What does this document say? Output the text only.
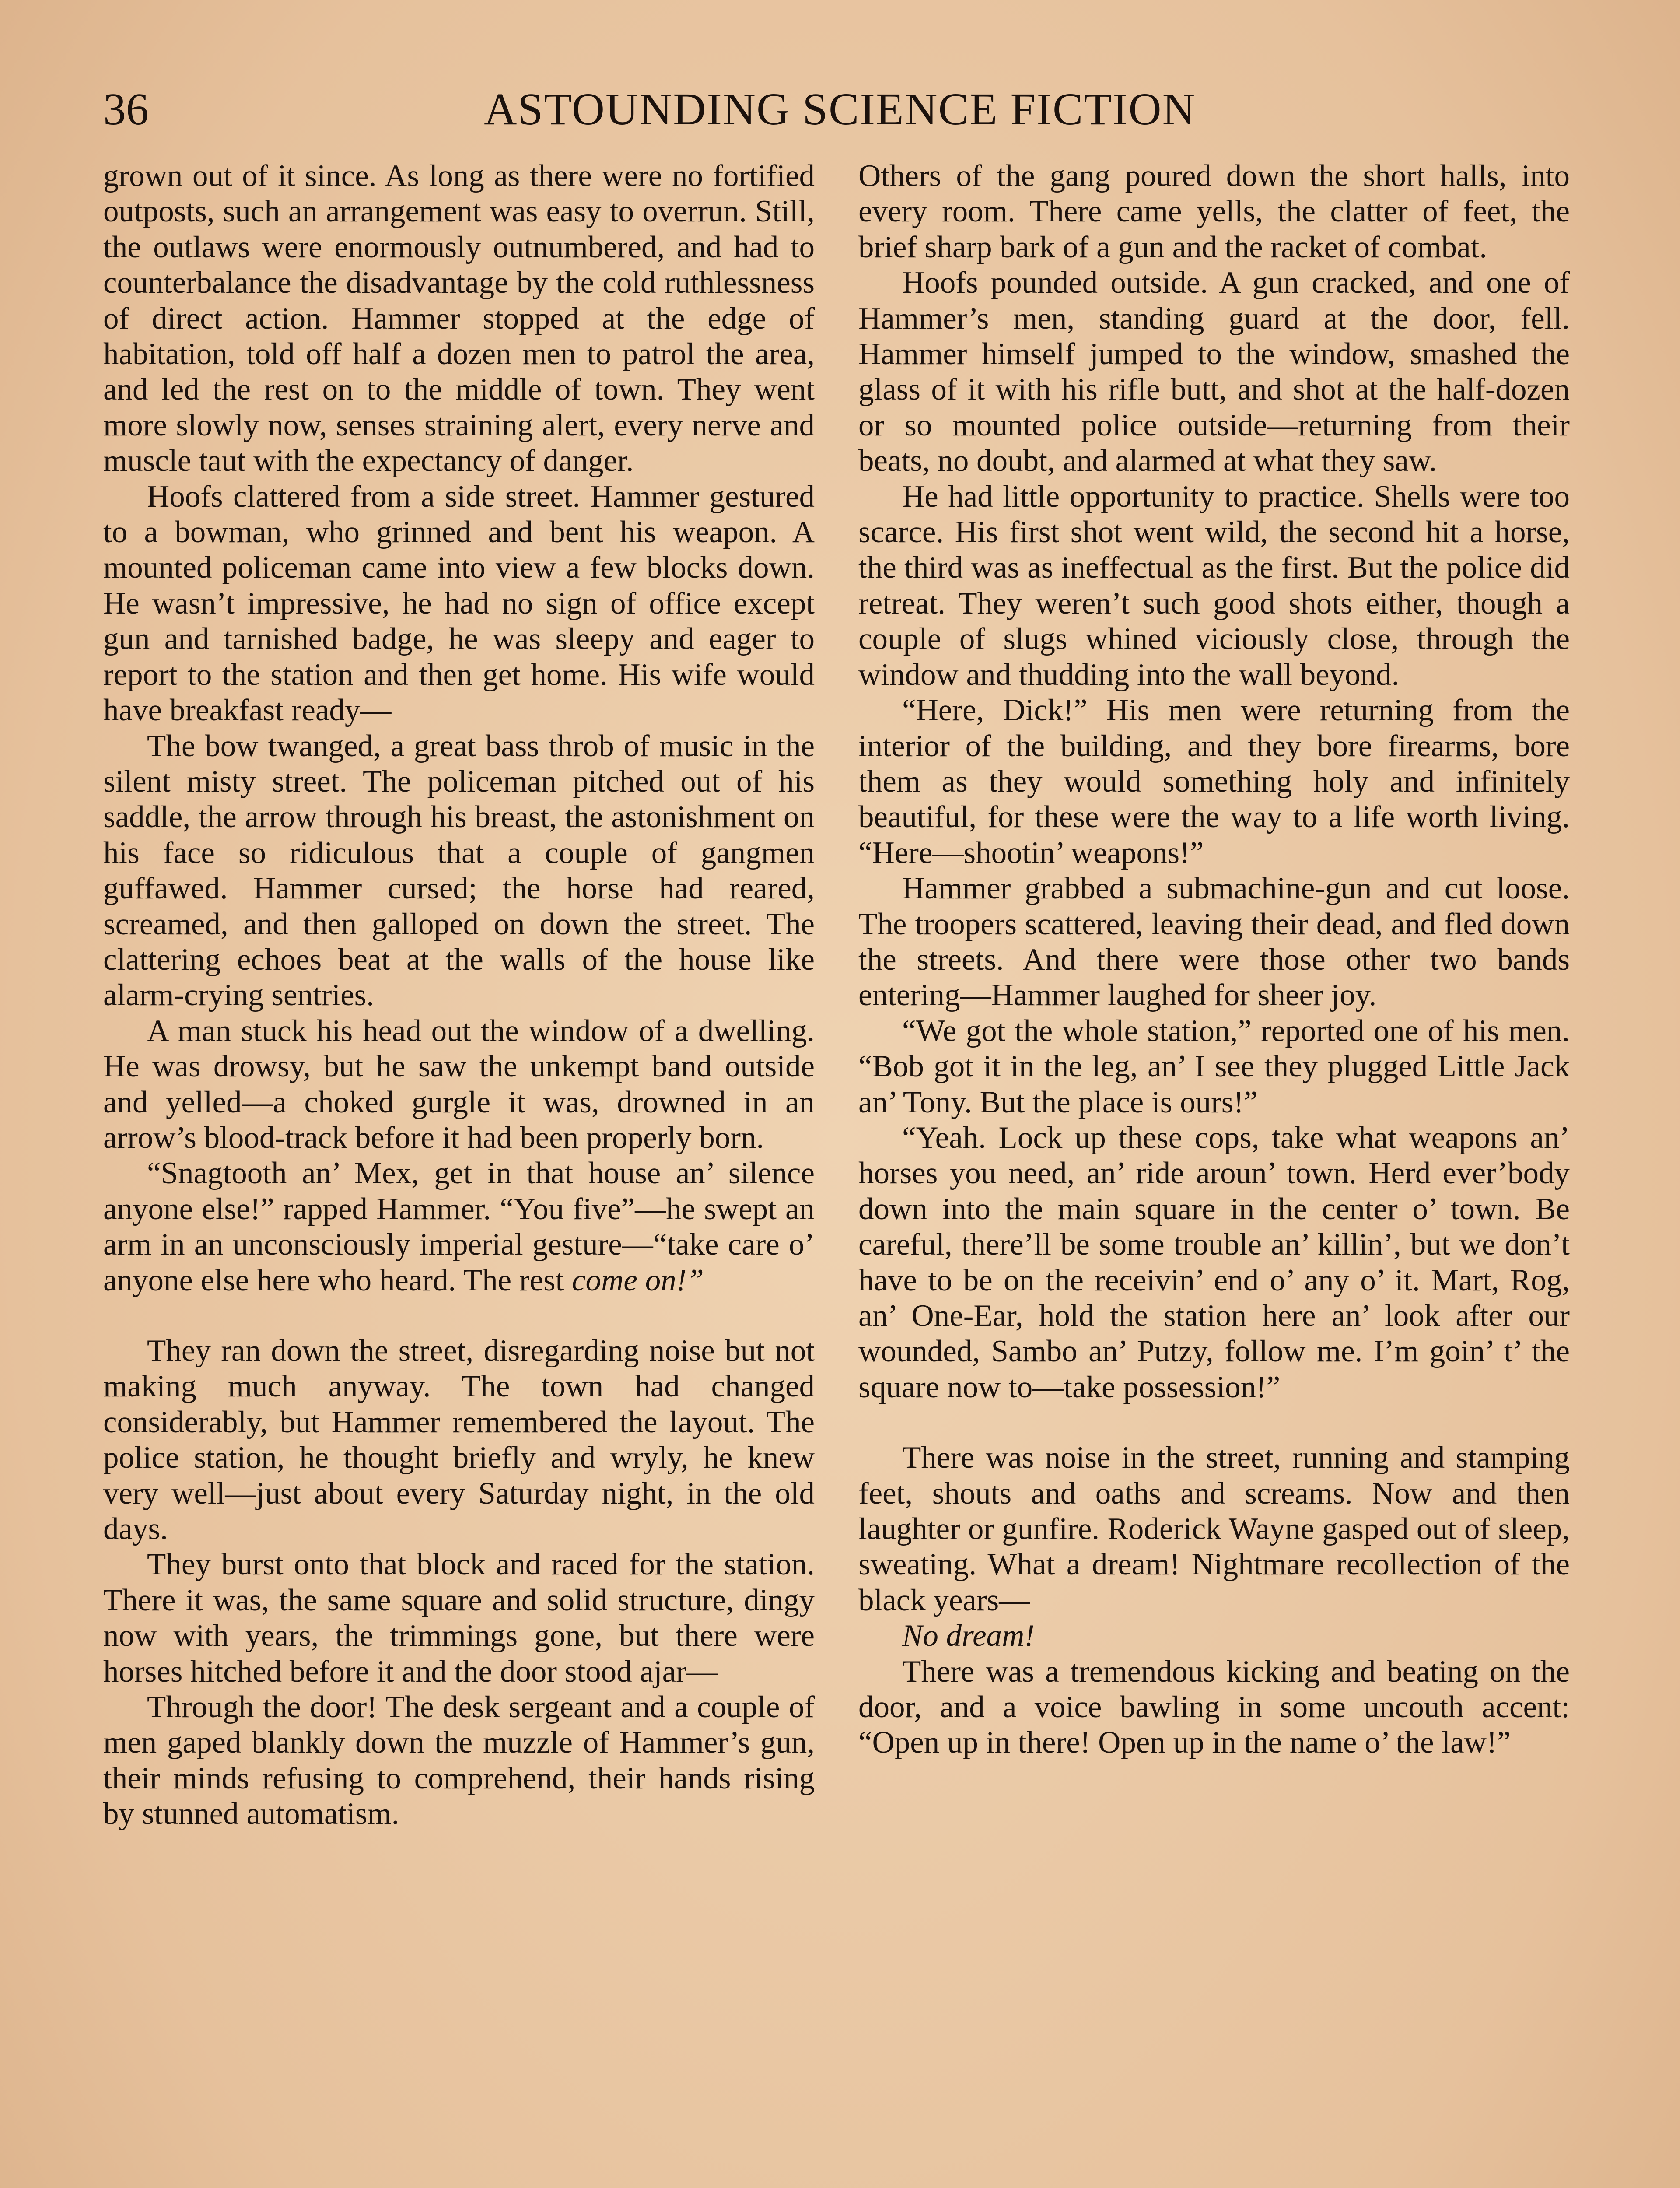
36	ASTOUNDING SCIENCE FICTION

grown out of it since. As long as there were no fortified outposts, such an arrangement was easy to overrun. Still, the outlaws were enormously outnumbered, and had to counterbalance the disadvantage by the cold ruthlessness of direct action. Hammer stopped at the edge of habitation, told off half a dozen men to patrol the area, and led the rest on to the middle of town. They went more slowly now, senses straining alert, every nerve and muscle taut with the expectancy of danger.

Hoofs clattered from a side street. Hammer gestured to a bowman, who grinned and bent his weapon. A mounted policeman came into view a few blocks down. He wasn’t impressive, he had no sign of office except gun and tarnished badge, he was sleepy and eager to report to the station and then get home. His wife would have breakfast ready—

The bow twanged, a great bass throb of music in the silent misty street. The policeman pitched out of his saddle, the arrow through his breast, the astonishment on his face so ridiculous that a couple of gangmen guffawed. Hammer cursed; the horse had reared, screamed, and then galloped on down the street. The clattering echoes beat at the walls of the house like alarm-crying sentries.

A man stuck his head out the window of a dwelling. He was drowsy, but he saw the unkempt band outside and yelled—a choked gurgle it was, drowned in an arrow’s blood-track before it had been properly born.

“Snagtooth an’ Mex, get in that house an’ silence anyone else!” rapped Hammer. “You five”—he swept an arm in an unconsciously imperial gesture—“take care o’ anyone else here who heard. The rest come on!”

They ran down the street, disregarding noise but not making much anyway. The town had changed considerably, but Hammer remembered the layout. The police station, he thought briefly and wryly, he knew very well—just about every Saturday night, in the old days.

They burst onto that block and raced for the station. There it was, the same square and solid structure, dingy now with years, the trimmings gone, but there were horses hitched before it and the door stood ajar—

Through the door! The desk sergeant and a couple of men gaped blankly down the muzzle of Hammer’s gun, their minds refusing to comprehend, their hands rising by stunned automatism.

Others of the gang poured down the short halls, into every room. There came yells, the clatter of feet, the brief sharp bark of a gun and the racket of combat.

Hoofs pounded outside. A gun cracked, and one of Hammer’s men, standing guard at the door, fell. Hammer himself jumped to the window, smashed the glass of it with his rifle butt, and shot at the half-dozen or so mounted police outside—returning from their beats, no doubt, and alarmed at what they saw.

He had little opportunity to practice. Shells were too scarce. His first shot went wild, the second hit a horse, the third was as ineffectual as the first. But the police did retreat. They weren’t such good shots either, though a couple of slugs whined viciously close, through the window and thudding into the wall beyond.

“Here, Dick!” His men were returning from the interior of the building, and they bore firearms, bore them as they would something holy and infinitely beautiful, for these were the way to a life worth living. “Here—shootin’ weapons!”

Hammer grabbed a submachine-gun and cut loose. The troopers scattered, leaving their dead, and fled down the streets. And there were those other two bands entering—Hammer laughed for sheer joy.

“We got the whole station,” reported one of his men. “Bob got it in the leg, an’ I see they plugged Little Jack an’ Tony. But the place is ours!”

“Yeah. Lock up these cops, take what weapons an’ horses you need, an’ ride aroun’ town. Herd ever’body down into the main square in the center o’ town. Be careful, there’ll be some trouble an’ killin’, but we don’t have to be on the receivin’ end o’ any o’ it. Mart, Rog, an’ One-Ear, hold the station here an’ look after our wounded, Sambo an’ Putzy, follow me. I’m goin’ t’ the square now to—take possession!”

There was noise in the street, running and stamping feet, shouts and oaths and screams. Now and then laughter or gunfire. Roderick Wayne gasped out of sleep, sweating. What a dream! Nightmare recollection of the black years—

No dream!

There was a tremendous kicking and beating on the door, and a voice bawling in some uncouth accent: “Open up in there! Open up in the name o’ the law!”
